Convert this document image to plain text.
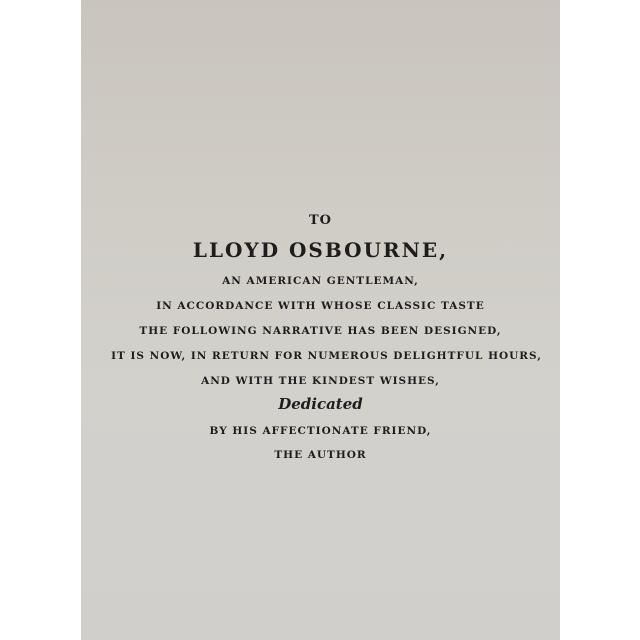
TO
LLOYD OSBOURNE,
AN AMERICAN GENTLEMAN,
IN ACCORDANCE WITH WHOSE CLASSIC TASTE
THE FOLLOWING NARRATIVE HAS BEEN DESIGNED,
IT IS NOW, IN RETURN FOR NUMEROUS DELIGHTFUL HOURS,
AND WITH THE KINDEST WISHES,
Dedicated
BY HIS AFFECTIONATE FRIEND,
THE AUTHOR
